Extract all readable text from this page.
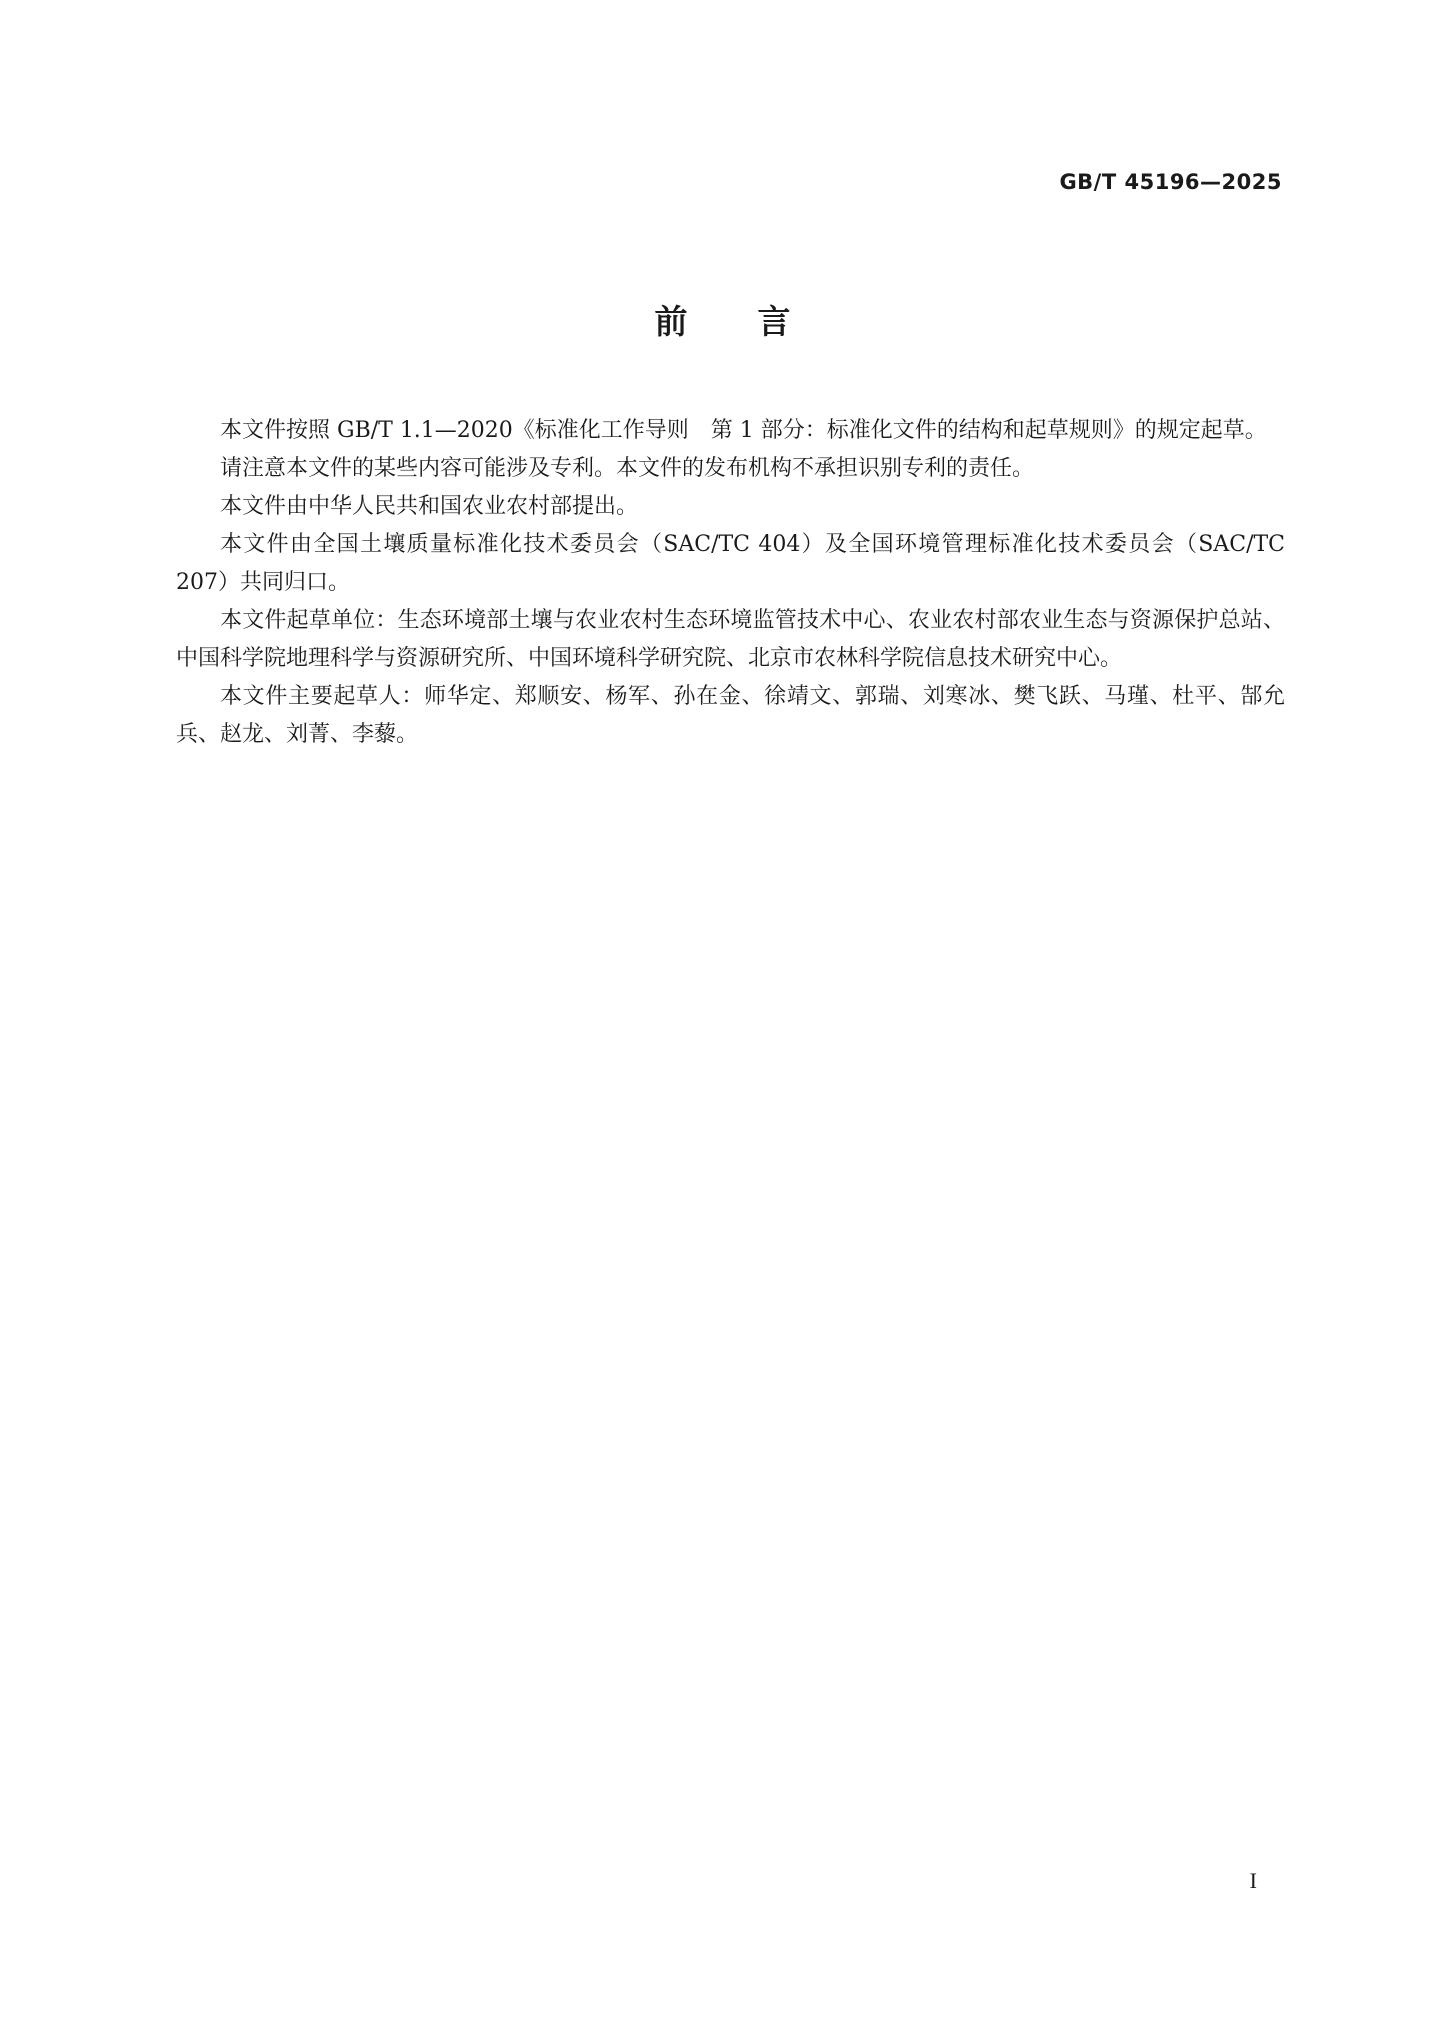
GB/T 45196—2025
前言

本文件按照 GB/T 1.1—2020《标准化工作导则　第 1 部分：标准化文件的结构和起草规则》的规定起草。

请注意本文件的某些内容可能涉及专利。本文件的发布机构不承担识别专利的责任。

本文件由中华人民共和国农业农村部提出。

本文件由全国土壤质量标准化技术委员会（SAC/TC 404）及全国环境管理标准化技术委员会（SAC/TC 207）共同归口。

本文件起草单位：生态环境部土壤与农业农村生态环境监管技术中心、农业农村部农业生态与资源保护总站、中国科学院地理科学与资源研究所、中国环境科学研究院、北京市农林科学院信息技术研究中心。

本文件主要起草人：师华定、郑顺安、杨军、孙在金、徐靖文、郭瑞、刘寒冰、樊飞跃、马瑾、杜平、郜允兵、赵龙、刘菁、李藜。

I
